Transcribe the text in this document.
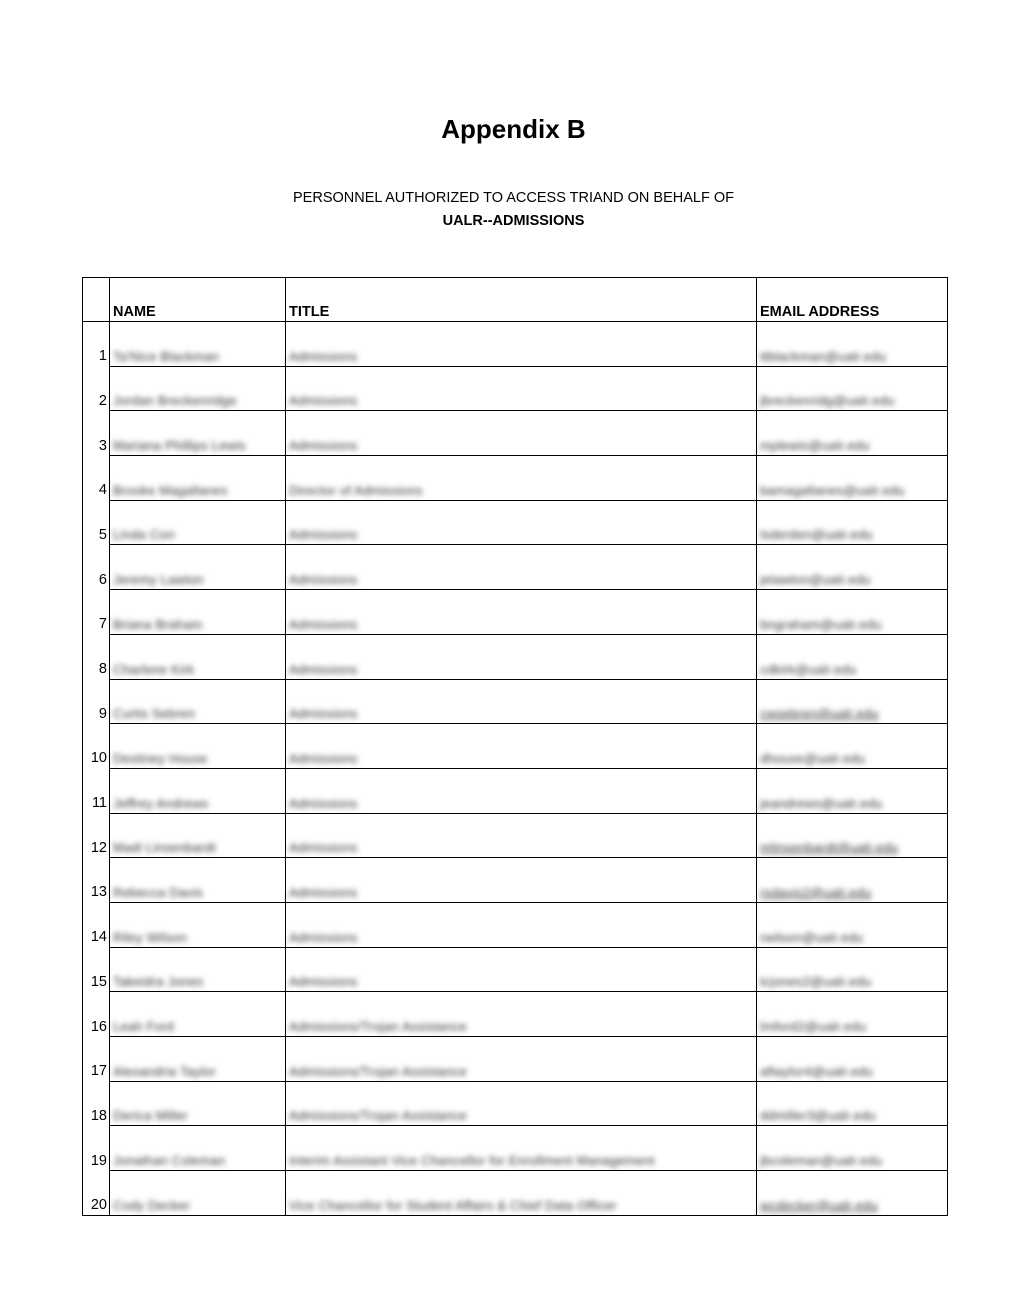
Appendix B
PERSONNEL AUTHORIZED TO ACCESS TRIAND ON BEHALF OF
UALR--ADMISSIONS
	NAME	TITLE	EMAIL ADDRESS
1	Ta'Nice Blackman	Admissions	ttblackman@ualr.edu
2	Jordan Breckenridge	Admissions	jbreckenridg@ualr.edu
3	Mariana Phillips Lewis	Admissions	mplewis@ualr.edu
4	Brooke Magallanes	Director of Admissions	bamagallanes@ualr.edu
5	Linda Corr	Admissions	lsderden@ualr.edu
6	Jeremy Lawton	Admissions	jelawton@ualr.edu
7	Briana Braham	Admissions	bngraham@ualr.edu
8	Charlene Kirk	Admissions	cdkirk@ualr.edu
9	Curtis Sebren	Admissions	cwsebren@ualr.edu
10	Destiney House	Admissions	dhouse@ualr.edu
11	Jeffrey Andrews	Admissions	jeandrews@ualr.edu
12	Madi Linsenbardt	Admissions	mlinsenbardt@ualr.edu
13	Rebecca Davis	Admissions	rsdavis2@ualr.edu
14	Riley Wilson	Admissions	rwilson@ualr.edu
15	Takeidra Jones	Admissions	tcjones2@ualr.edu
16	Leah Ford	Admissions/Trojan Assistance	lmford2@ualr.edu
17	Alexandria Taylor	Admissions/Trojan Assistance	aftaylor4@ualr.edu
18	Derica Miller	Admissions/Trojan Assistance	ddmiller3@ualr.edu
19	Jonathan Coleman	Interim Assistant Vice Chancellor for Enrollment Management	jbcoleman@ualr.edu
20	Cody Decker	Vice Chancellor for Student Affairs & Chief Data Officer	wcdecker@ualr.edu
